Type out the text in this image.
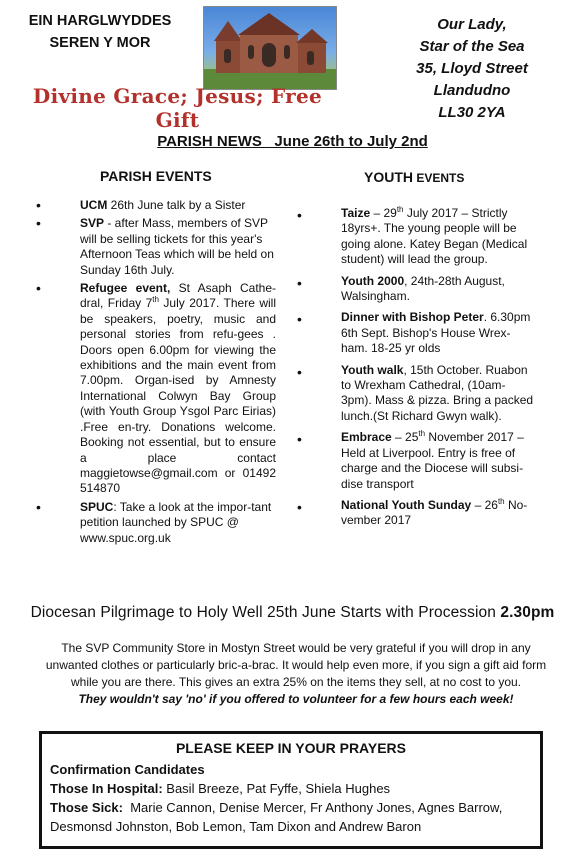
EIN HARGLWYDDES
SEREN Y MOR
Divine Grace; Jesus; Free Gift
Our Lady,
Star of the Sea
35, Lloyd Street
Llandudno
LL30 2YA
PARISH NEWS   June 26th to July 2nd
PARISH EVENTS	YOUTH EVENTS
• UCM 26th June talk by a Sister
• SVP - after Mass, members of SVP will be selling tickets for this year's Afternoon Teas which will be held on Sunday 16th July.
• Refugee event, St Asaph Cathe-dral, Friday 7th July 2017. There will be speakers, poetry, music and personal stories from refu-gees . Doors open 6.00pm for viewing the exhibitions and the main event from 7.00pm. Organ-ised by Amnesty International Colwyn Bay Group (with Youth Group Ysgol Parc Eirias) .Free en-try. Donations welcome. Booking not essential, but to ensure a place contact maggietowse@gmail.com or 01492 514870
• SPUC: Take a look at the impor-tant petition launched by SPUC @ www.spuc.org.uk
• Taize – 29th July 2017 – Strictly 18yrs+. The young people will be going alone. Katey Began (Medical student) will lead the group.
• Youth 2000, 24th-28th August, Walsingham.
• Dinner with Bishop Peter. 6.30pm 6th Sept. Bishop's House Wrex-ham. 18-25 yr olds
• Youth walk, 15th October. Ruabon to Wrexham Cathedral, (10am-3pm). Mass & pizza. Bring a packed lunch.(St Richard Gwyn walk).
• Embrace – 25th November 2017 – Held at Liverpool. Entry is free of charge and the Diocese will subsi-dise transport
• National Youth Sunday – 26th No-vember 2017
Diocesan Pilgrimage to Holy Well 25th June Starts with Procession 2.30pm
The SVP Community Store in Mostyn Street would be very grateful if you will drop in any unwanted clothes or particularly bric-a-brac. It would help even more, if you sign a gift aid form while you are there. This gives an extra 25% on the items they sell, at no cost to you.
They wouldn't say 'no' if you offered to volunteer for a few hours each week!
PLEASE KEEP IN YOUR PRAYERS
Confirmation Candidates
Those In Hospital: Basil Breeze, Pat Fyffe, Shiela Hughes
Those Sick:  Marie Cannon, Denise Mercer, Fr Anthony Jones, Agnes Barrow, Desmonsd Johnston, Bob Lemon, Tam Dixon and Andrew Baron
